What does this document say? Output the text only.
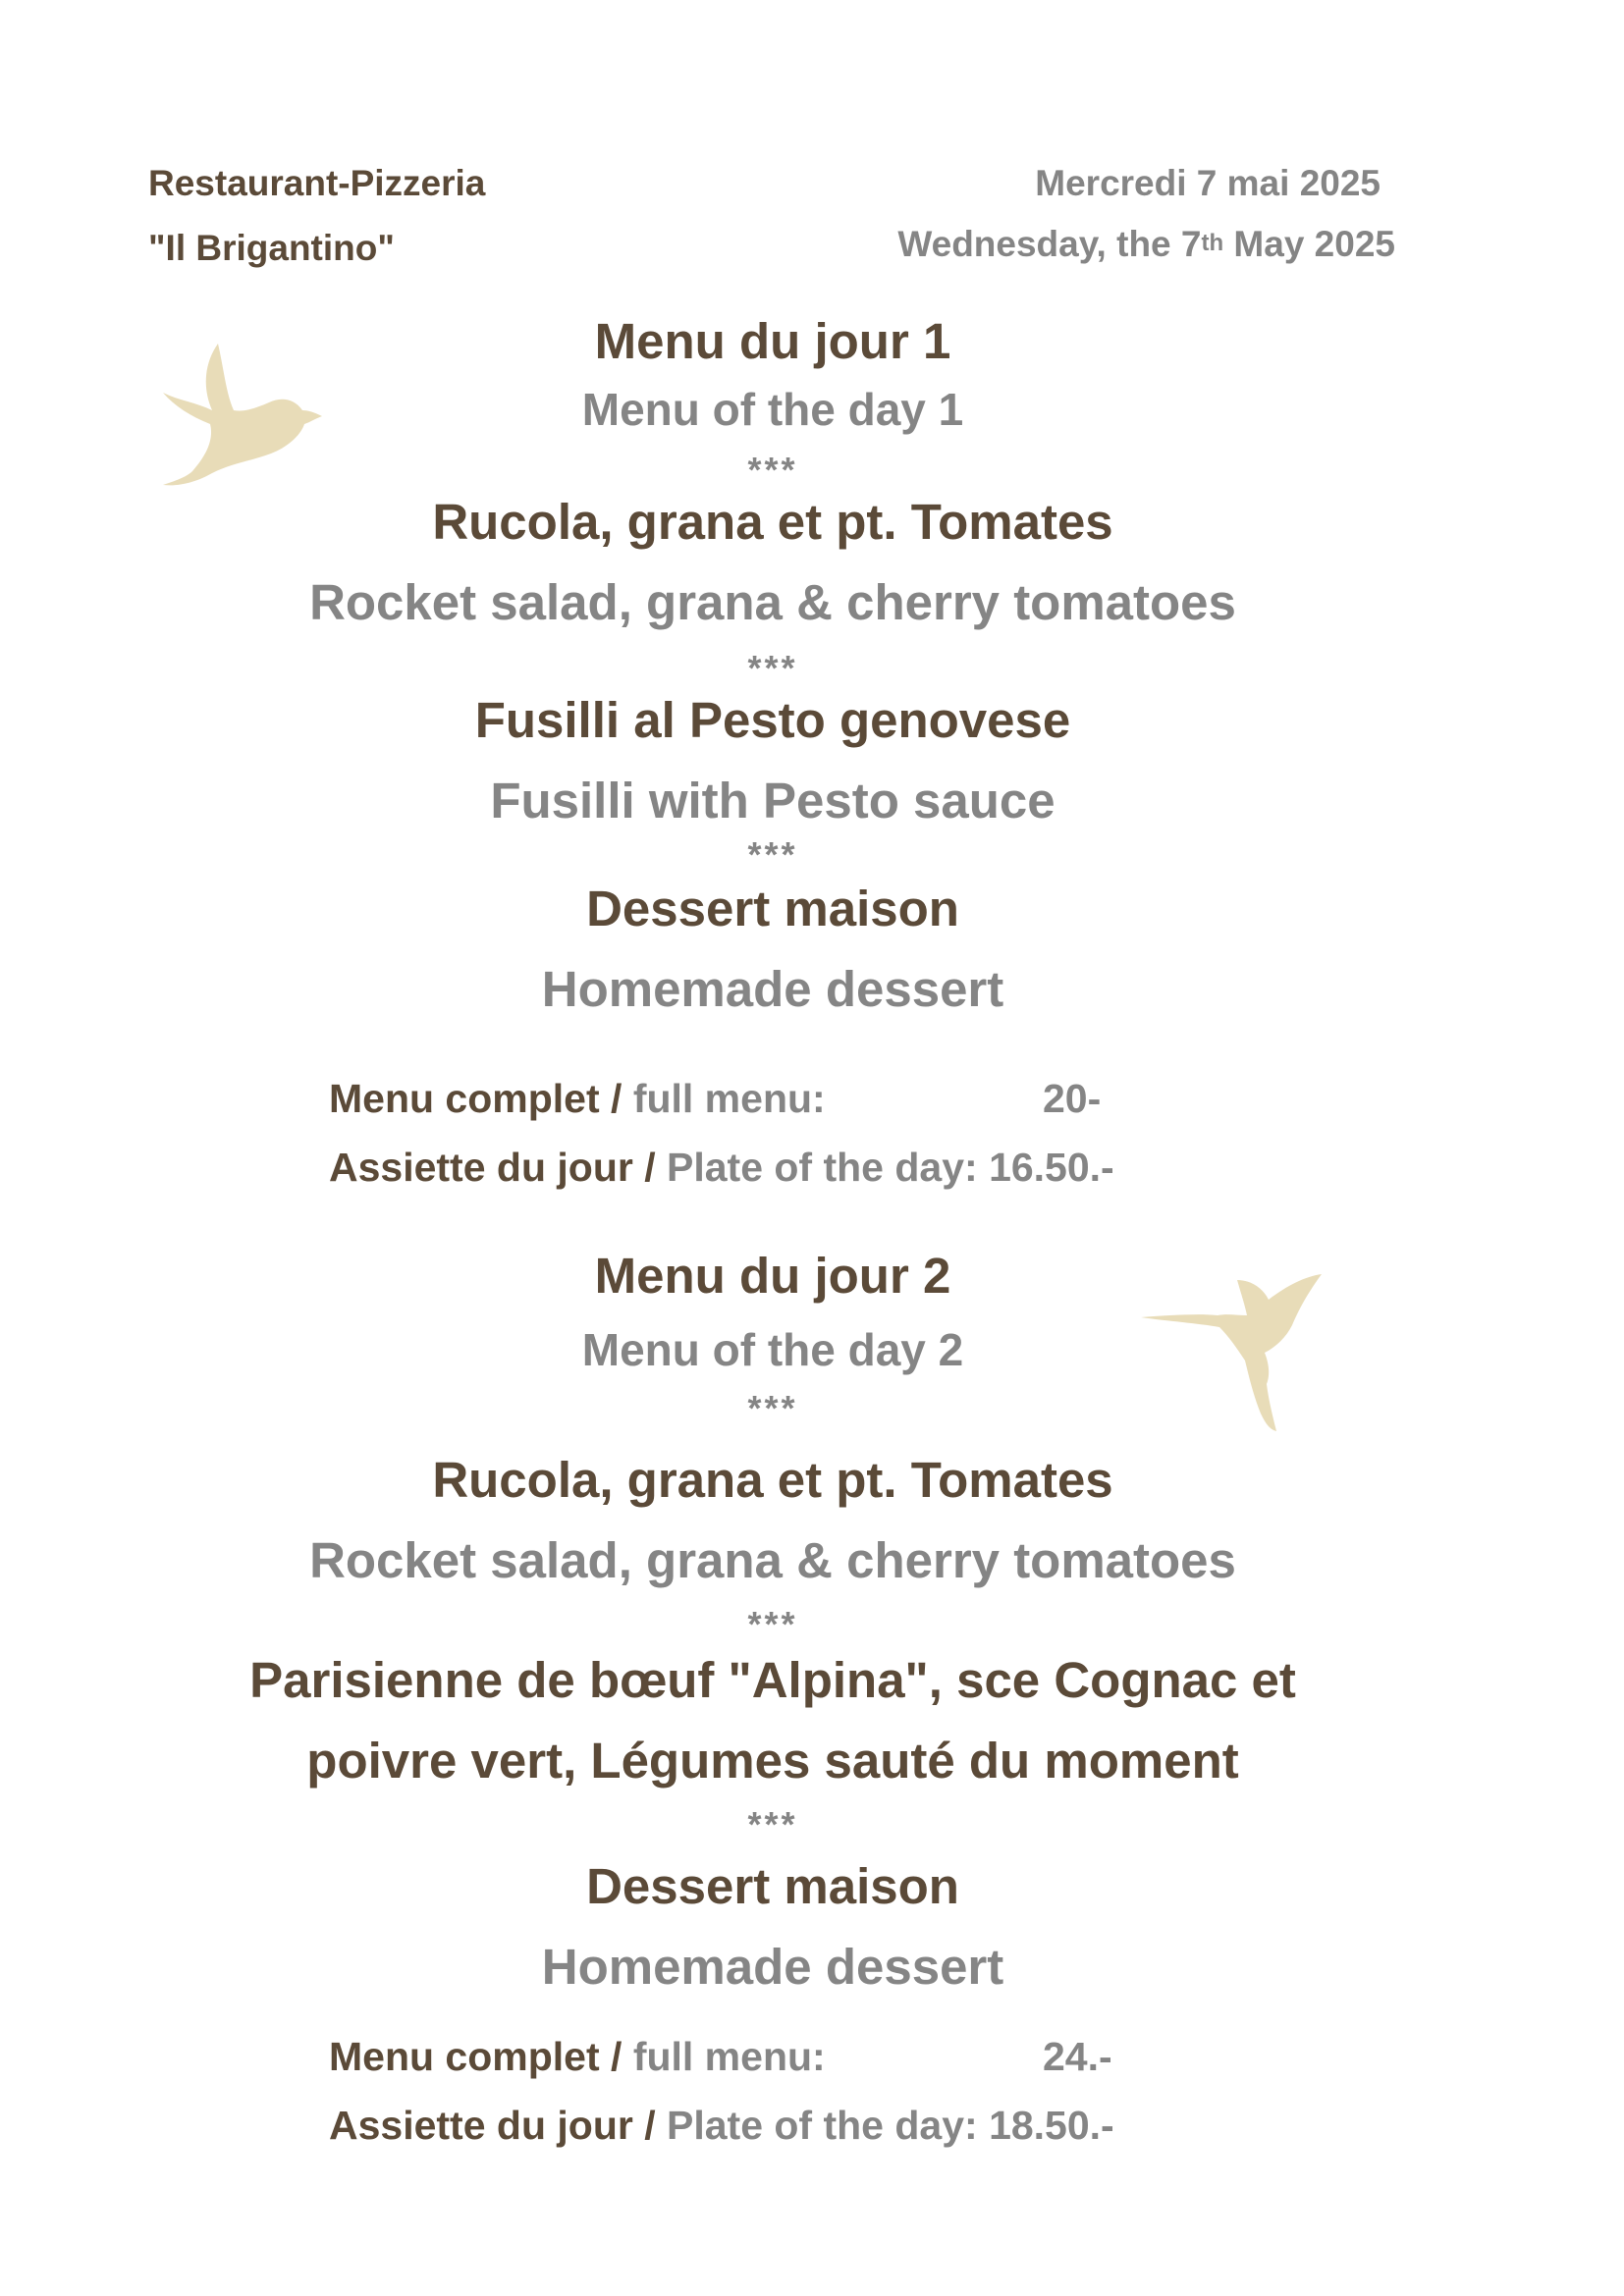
Restaurant-Pizzeria
"Il Brigantino"
Mercredi 7 mai 2025
Wednesday, the 7th May 2025
Menu du jour 1
Menu of the day 1
***
Rucola, grana et pt. Tomates
Rocket salad, grana & cherry tomatoes
***
Fusilli al Pesto genovese
Fusilli with Pesto sauce
***
Dessert maison
Homemade dessert
Menu complet / full menu:	20-
Assiette du jour / Plate of the day: 16.50.-
Menu du jour 2
Menu of the day 2
***
Rucola, grana et pt. Tomates
Rocket salad, grana & cherry tomatoes
***
Parisienne de bœuf "Alpina", sce Cognac et
poivre vert, Légumes sauté du moment
***
Dessert maison
Homemade dessert
Menu complet / full menu:	24.-
Assiette du jour / Plate of the day: 18.50.-
